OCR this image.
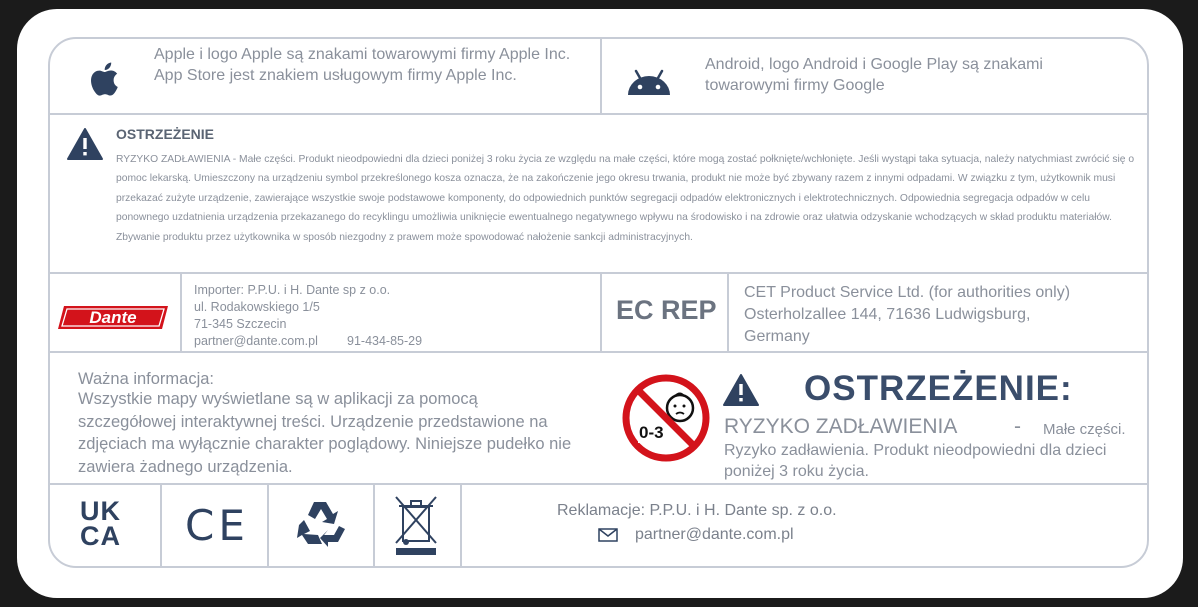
Apple i logo Apple są znakami towarowymi firmy Apple Inc. App Store jest znakiem usługowym firmy Apple Inc.
Android, logo Android i Google Play są znakami towarowymi firmy Google
OSTRZEŻENIE
RYZYKO ZADŁAWIENIA - Małe części. Produkt nieodpowiedni dla dzieci poniżej 3 roku życia ze względu na małe części, które mogą zostać połknięte/wchłonięte. Jeśli wystąpi taka sytuacja, należy natychmiast zwrócić się o pomoc lekarską. Umieszczony na urządzeniu symbol przekreślonego kosza oznacza, że na zakończenie jego okresu trwania, produkt nie może być zbywany razem z innymi odpadami. W związku z tym, użytkownik musi przekazać zużyte urządzenie, zawierające wszystkie swoje podstawowe komponenty, do odpowiednich punktów segregacji odpadów elektronicznych i elektrotechnicznych. Odpowiednia segregacja odpadów w celu ponownego uzdatnienia urządzenia przekazanego do recyklingu umożliwia uniknięcie ewentualnego negatywnego wpływu na środowisko i na zdrowie oraz ułatwia odzyskanie wchodzących w skład produktu materiałów. Zbywanie produktu przez użytkownika w sposób niezgodny z prawem może spowodować nałożenie sankcji administracyjnych.
Dante
Importer: P.P.U. i H. Dante sp z o.o.
ul. Rodakowskiego 1/5
71-345 Szczecin
partner@dante.com.pl 91-434-85-29
EC REP
CET Product Service Ltd. (for authorities only)
Osterholzallee 144, 71636 Ludwigsburg,
Germany
Ważna informacja:
Wszystkie mapy wyświetlane są w aplikacji za pomocą szczegółowej interaktywnej treści. Urządzenie przedstawione na zdjęciach ma wyłącznie charakter poglądowy. Niniejsze pudełko nie zawiera żadnego urządzenia.
0-3
OSTRZEŻENIE:
RYZYKO ZADŁAWIENIA	- Małe części.
Ryzyko zadławienia. Produkt nieodpowiedni dla dzieci poniżej 3 roku życia.
UK
CA	CE	Reklamacje: P.P.U. i H. Dante sp. z o.o.
partner@dante.com.pl
